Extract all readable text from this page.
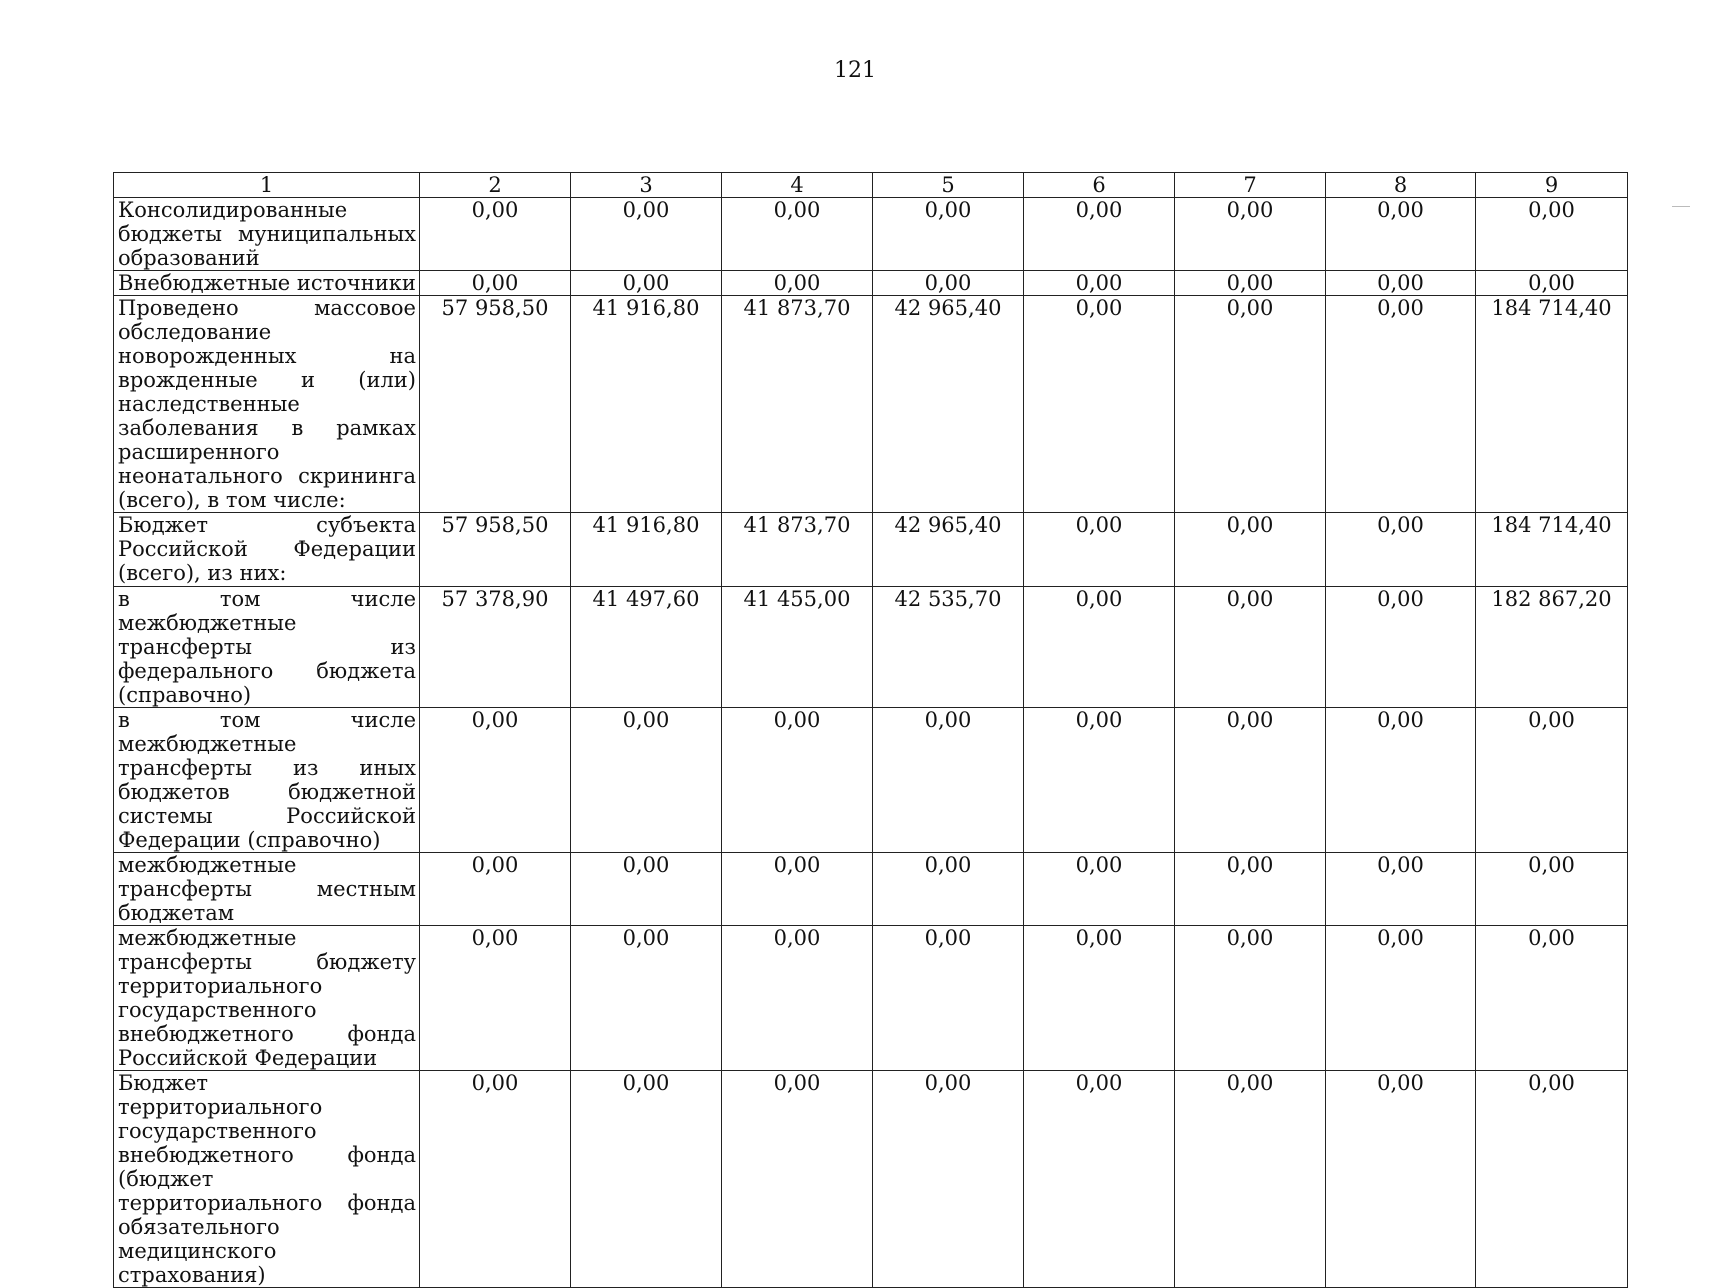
121
1	2	3	4	5	6	7	8	9
Консолидированные бюджеты муниципальных образований	0,00	0,00	0,00	0,00	0,00	0,00	0,00	0,00
Внебюджетные источники	0,00	0,00	0,00	0,00	0,00	0,00	0,00	0,00
Проведено массовое обследование новорожденных на врожденные и (или) наследственные заболевания в рамках расширенного неонатального скрининга (всего), в том числе:	57 958,50	41 916,80	41 873,70	42 965,40	0,00	0,00	0,00	184 714,40
Бюджет субъекта Российской Федерации (всего), из них:	57 958,50	41 916,80	41 873,70	42 965,40	0,00	0,00	0,00	184 714,40
в том числе межбюджетные трансферты из федерального бюджета (справочно)	57 378,90	41 497,60	41 455,00	42 535,70	0,00	0,00	0,00	182 867,20
в том числе межбюджетные трансферты из иных бюджетов бюджетной системы Российской Федерации (справочно)	0,00	0,00	0,00	0,00	0,00	0,00	0,00	0,00
межбюджетные трансферты местным бюджетам	0,00	0,00	0,00	0,00	0,00	0,00	0,00	0,00
межбюджетные трансферты бюджету территориального государственного внебюджетного фонда Российской Федерации	0,00	0,00	0,00	0,00	0,00	0,00	0,00	0,00
Бюджет территориального государственного внебюджетного фонда (бюджет территориального фонда обязательного медицинского страхования)	0,00	0,00	0,00	0,00	0,00	0,00	0,00	0,00
